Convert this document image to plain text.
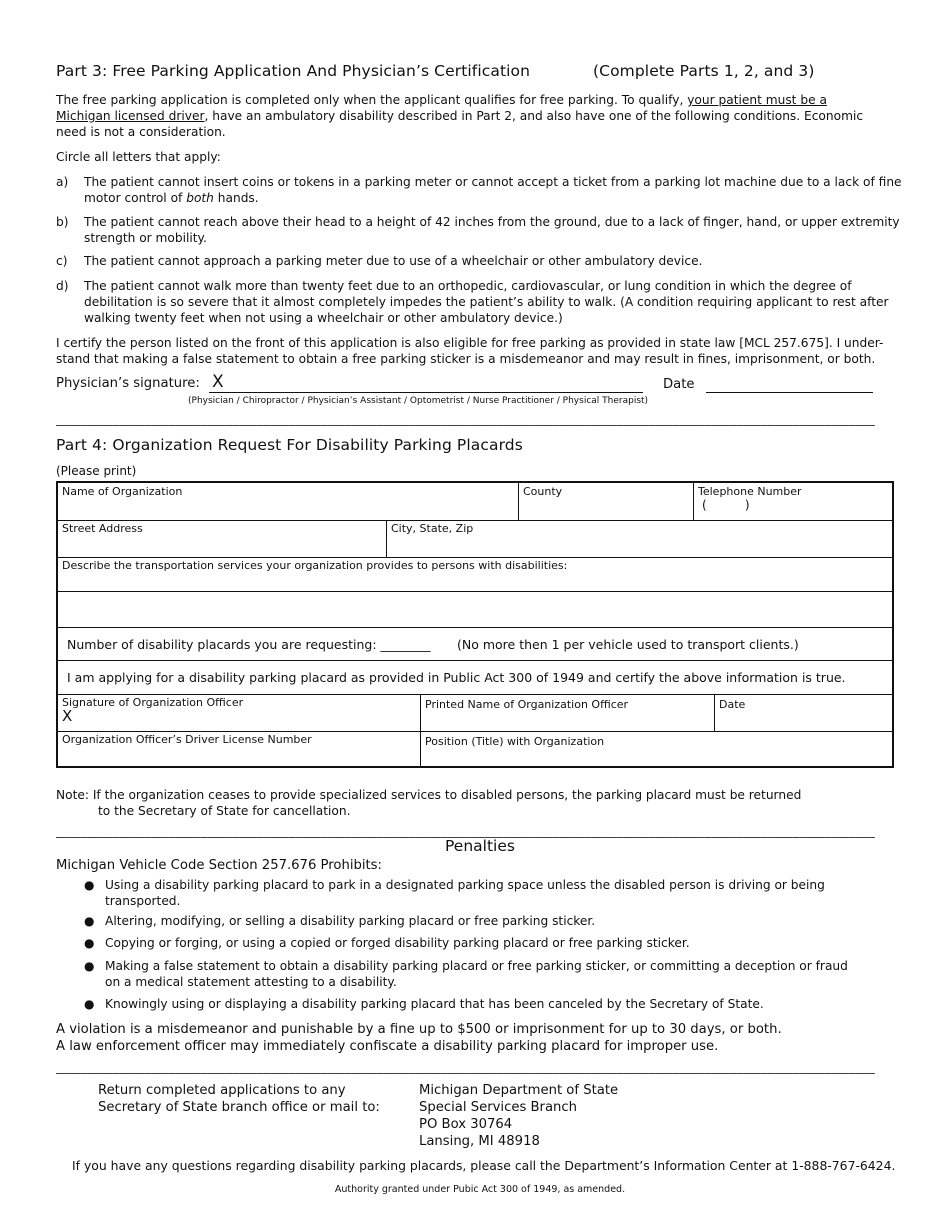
Part 3: Free Parking Application And Physician’s Certification	(Complete Parts 1, 2, and 3)
The free parking application is completed only when the applicant qualifies for free parking. To qualify, your patient must be a
Michigan licensed driver, have an ambulatory disability described in Part 2, and also have one of the following conditions. Economic
need is not a consideration.
Circle all letters that apply:
a) The patient cannot insert coins or tokens in a parking meter or cannot accept a ticket from a parking lot machine due to a lack of fine motor control of both hands.
b) The patient cannot reach above their head to a height of 42 inches from the ground, due to a lack of finger, hand, or upper extremity strength or mobility.
c) The patient cannot approach a parking meter due to use of a wheelchair or other ambulatory device.
d) The patient cannot walk more than twenty feet due to an orthopedic, cardiovascular, or lung condition in which the degree of debilitation is so severe that it almost completely impedes the patient’s ability to walk. (A condition requiring applicant to rest after walking twenty feet when not using a wheelchair or other ambulatory device.)
I certify the person listed on the front of this application is also eligible for free parking as provided in state law [MCL 257.675]. I under-stand that making a false statement to obtain a free parking sticker is a misdemeanor and may result in fines, imprisonment, or both.
Physician’s signature: X	Date
(Physician / Chiropractor / Physician’s Assistant / Optometrist / Nurse Practitioner / Physical Therapist)
__________________________________________________________________________________________________________________________________
Part 4: Organization Request For Disability Parking Placards
(Please print)
Name of Organization	County	Telephone Number
(          )
Street Address	City, State, Zip
Describe the transportation services your organization provides to persons with disabilities:
Number of disability placards you are requesting: ________ (No more then 1 per vehicle used to transport clients.)
I am applying for a disability parking placard as provided in Public Act 300 of 1949 and certify the above information is true.
Signature of Organization Officer
X
Printed Name of Organization Officer	Date
Organization Officer’s Driver License Number	Position (Title) with Organization
Note: If the organization ceases to provide specialized services to disabled persons, the parking placard must be returned
to the Secretary of State for cancellation.
__________________________________________________________________________________________________________________________________
Penalties
Michigan Vehicle Code Section 257.676 Prohibits:
● Using a disability parking placard to park in a designated parking space unless the disabled person is driving or being transported.
● Altering, modifying, or selling a disability parking placard or free parking sticker.
● Copying or forging, or using a copied or forged disability parking placard or free parking sticker.
● Making a false statement to obtain a disability parking placard or free parking sticker, or committing a deception or fraud on a medical statement attesting to a disability.
● Knowingly using or displaying a disability parking placard that has been canceled by the Secretary of State.
A violation is a misdemeanor and punishable by a fine up to $500 or imprisonment for up to 30 days, or both.
A law enforcement officer may immediately confiscate a disability parking placard for improper use.
__________________________________________________________________________________________________________________________________
Return completed applications to any
Secretary of State branch office or mail to:
Michigan Department of State
Special Services Branch
PO Box 30764
Lansing, MI 48918
If you have any questions regarding disability parking placards, please call the Department’s Information Center at 1-888-767-6424.
Authority granted under Pubic Act 300 of 1949, as amended.
